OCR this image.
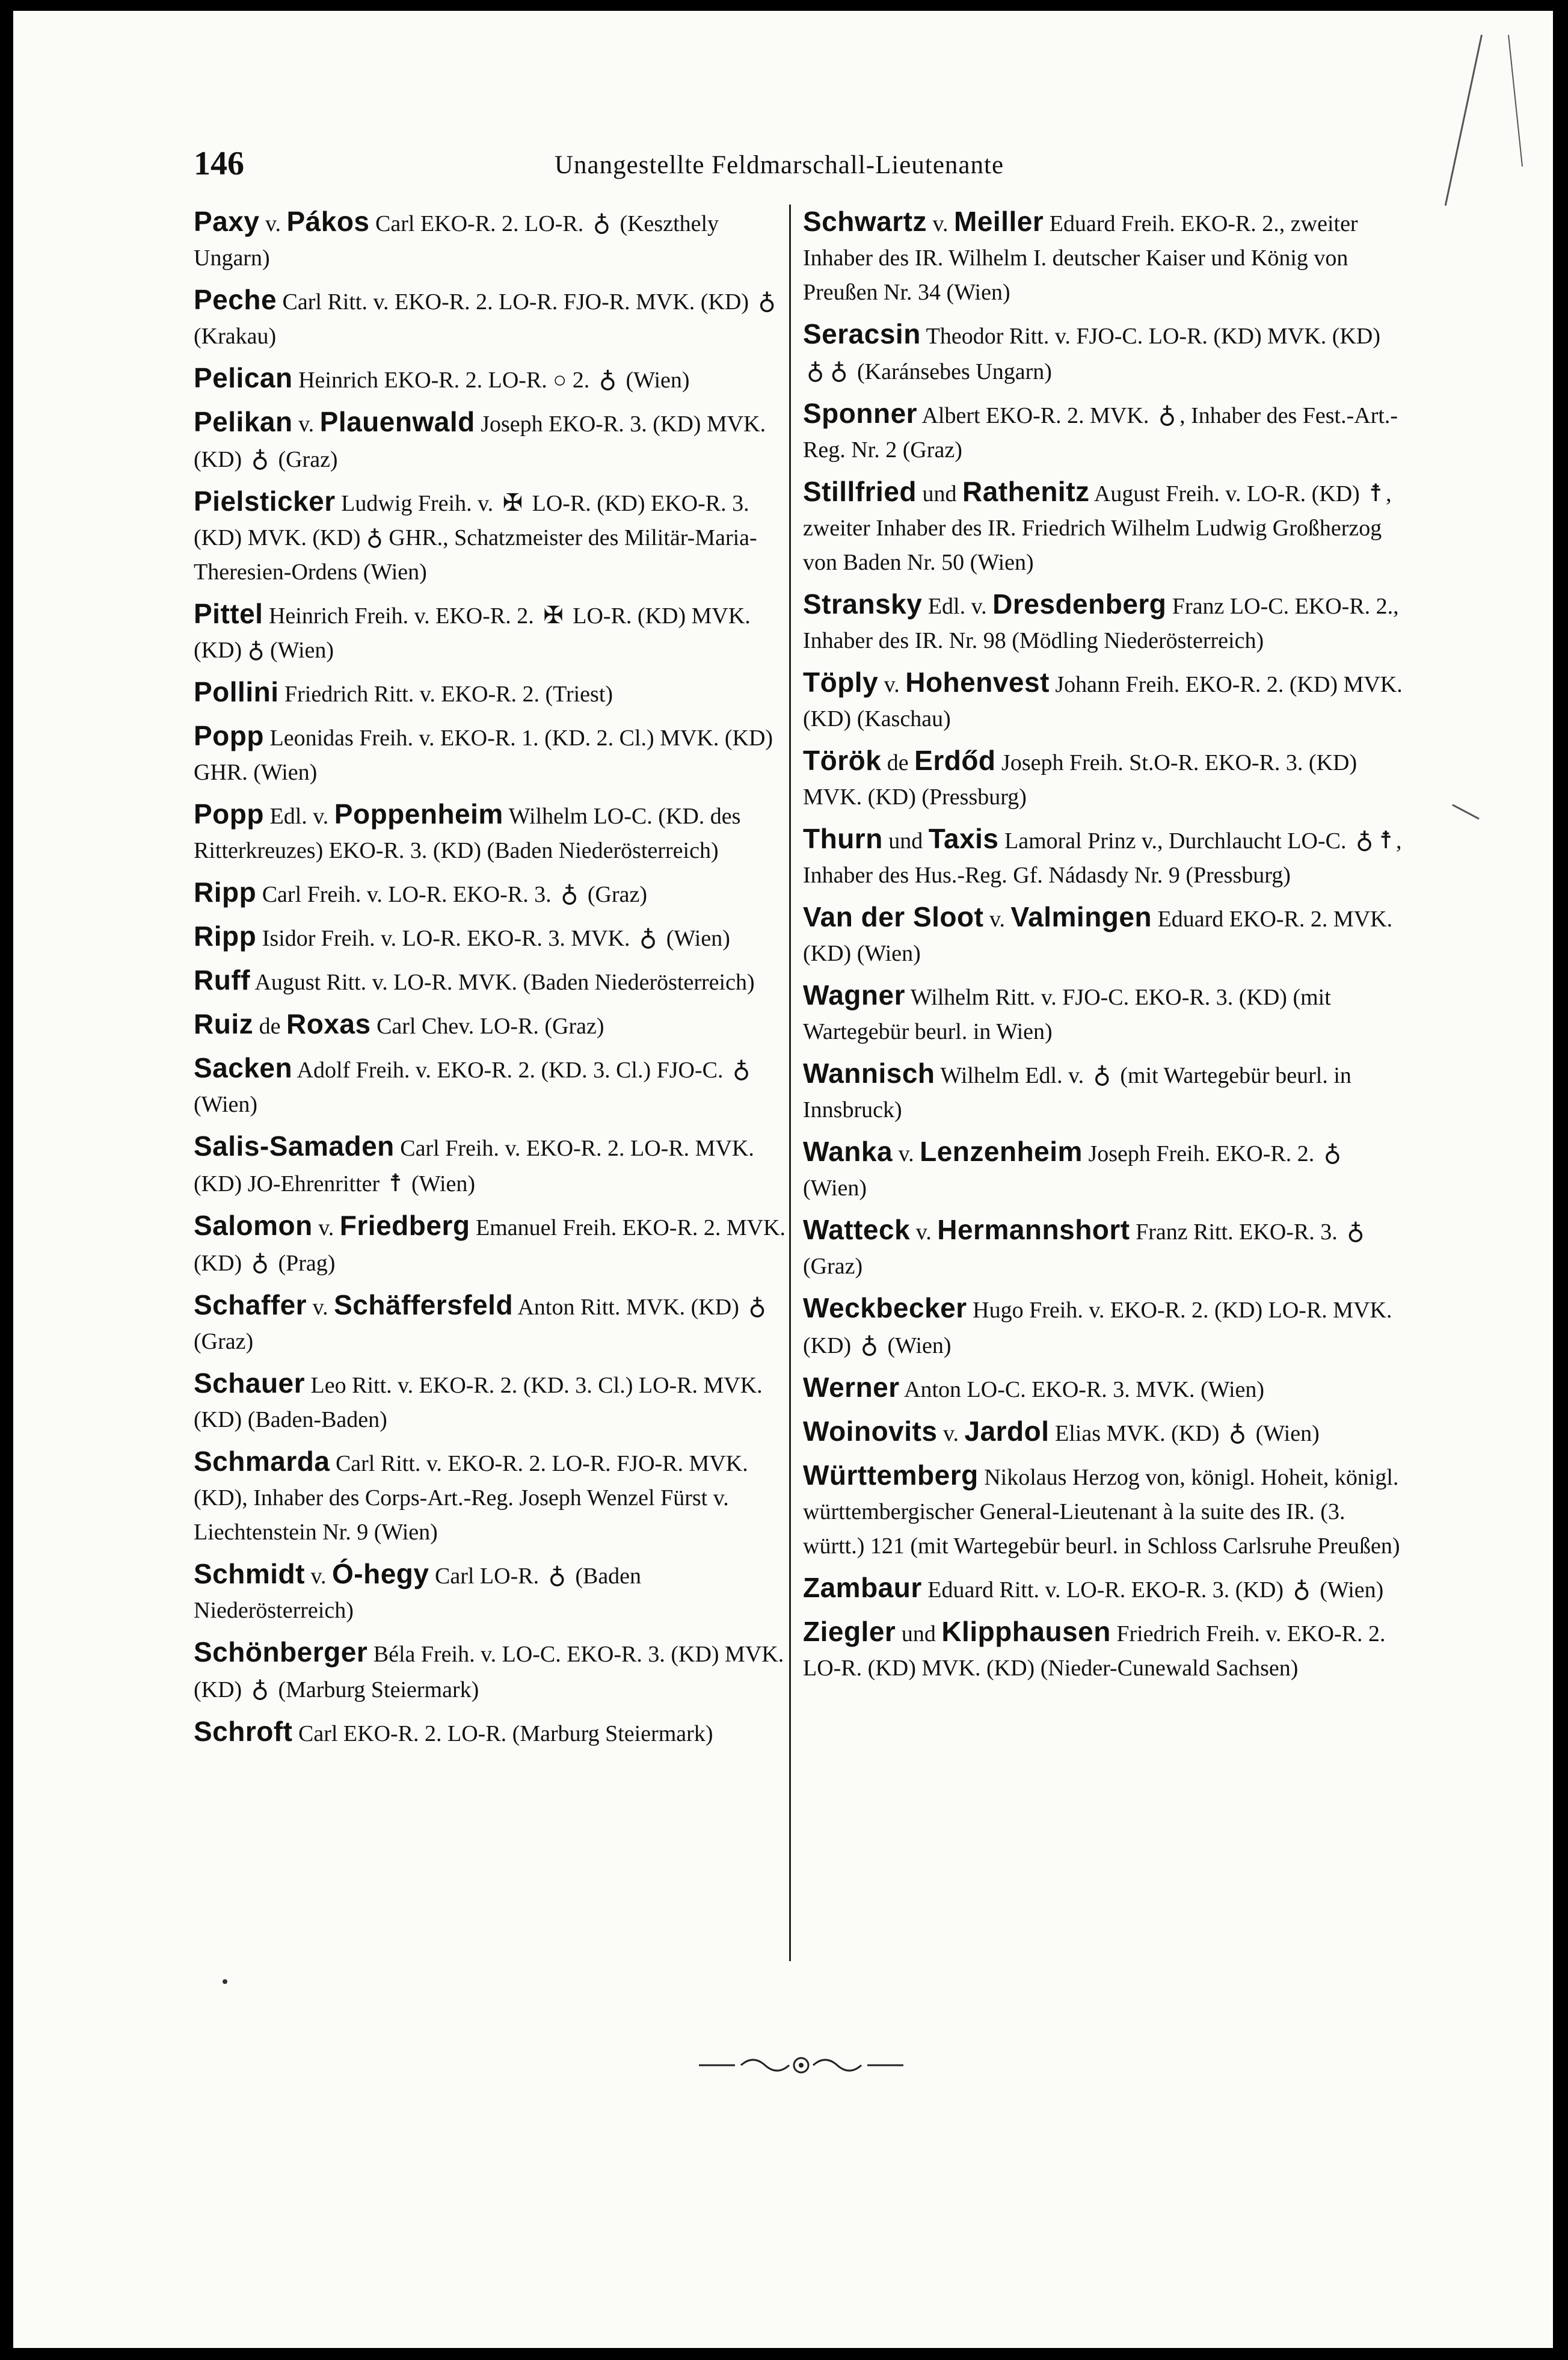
146	Unangestellte Feldmarschall-Lieutenante

Paxy v. Pákos Carl EKO-R. 2. LO-R. ♁ (Keszthely Ungarn)

Peche Carl Ritt. v. EKO-R. 2. LO-R. FJO-R. MVK. (KD) ♁ (Krakau)

Pelican Heinrich EKO-R. 2. LO-R. ○ 2. ♁ (Wien)

Pelikan v. Plauenwald Joseph EKO-R. 3. (KD) MVK. (KD) ♁ (Graz)

Pielsticker Ludwig Freih. v. ✠ LO-R. (KD) EKO-R. 3. (KD) MVK. (KD) ♁ GHR., Schatzmeister des Militär-Maria-Theresien-Ordens (Wien)

Pittel Heinrich Freih. v. EKO-R. 2. ✠ LO-R. (KD) MVK. (KD) ♁ (Wien)

Pollini Friedrich Ritt. v. EKO-R. 2. (Triest)

Popp Leonidas Freih. v. EKO-R. 1. (KD. 2. Cl.) MVK. (KD) GHR. (Wien)

Popp Edl. v. Poppenheim Wilhelm LO-C. (KD. des Ritterkreuzes) EKO-R. 3. (KD) (Baden Niederösterreich)

Ripp Carl Freih. v. LO-R. EKO-R. 3. ♁ (Graz)

Ripp Isidor Freih. v. LO-R. EKO-R. 3. MVK. ♁ (Wien)

Ruff August Ritt. v. LO-R. MVK. (Baden Niederösterreich)

Ruiz de Roxas Carl Chev. LO-R. (Graz)

Sacken Adolf Freih. v. EKO-R. 2. (KD. 3. Cl.) FJO-C. ♁ (Wien)

Salis-Samaden Carl Freih. v. EKO-R. 2. LO-R. MVK. (KD) JO-Ehrenritter ☨ (Wien)

Salomon v. Friedberg Emanuel Freih. EKO-R. 2. MVK. (KD) ♁ (Prag)

Schaffer v. Schäffersfeld Anton Ritt. MVK. (KD) ♁ (Graz)

Schauer Leo Ritt. v. EKO-R. 2. (KD. 3. Cl.) LO-R. MVK. (KD) (Baden-Baden)

Schmarda Carl Ritt. v. EKO-R. 2. LO-R. FJO-R. MVK. (KD), Inhaber des Corps-Art.-Reg. Joseph Wenzel Fürst v. Liechtenstein Nr. 9 (Wien)

Schmidt v. Ó-hegy Carl LO-R. ♁ (Baden Niederösterreich)

Schönberger Béla Freih. v. LO-C. EKO-R. 3. (KD) MVK. (KD) ♁ (Marburg Steiermark)

Schroft Carl EKO-R. 2. LO-R. (Marburg Steiermark)

Schwartz v. Meiller Eduard Freih. EKO-R. 2., zweiter Inhaber des IR. Wilhelm I. deutscher Kaiser und König von Preußen Nr. 34 (Wien)

Seracsin Theodor Ritt. v. FJO-C. LO-R. (KD) MVK. (KD) ♁ ♁ (Karánsebes Ungarn)

Sponner Albert EKO-R. 2. MVK. ♁ , Inhaber des Fest.-Art.-Reg. Nr. 2 (Graz)

Stillfried und Rathenitz August Freih. v. LO-R. (KD) ☨ , zweiter Inhaber des IR. Friedrich Wilhelm Ludwig Großherzog von Baden Nr. 50 (Wien)

Stransky Edl. v. Dresdenberg Franz LO-C. EKO-R. 2., Inhaber des IR. Nr. 98 (Mödling Niederösterreich)

Töply v. Hohenvest Johann Freih. EKO-R. 2. (KD) MVK. (KD) (Kaschau)

Török de Erdőd Joseph Freih. St.O-R. EKO-R. 3. (KD) MVK. (KD) (Pressburg)

Thurn und Taxis Lamoral Prinz v., Durchlaucht LO-C. ♁ ☨ , Inhaber des Hus.-Reg. Gf. Nádasdy Nr. 9 (Pressburg)

Van der Sloot v. Valmingen Eduard EKO-R. 2. MVK. (KD) (Wien)

Wagner Wilhelm Ritt. v. FJO-C. EKO-R. 3. (KD) (mit Wartegebür beurl. in Wien)

Wannisch Wilhelm Edl. v. ♁ (mit Wartegebür beurl. in Innsbruck)

Wanka v. Lenzenheim Joseph Freih. EKO-R. 2. ♁ (Wien)

Watteck v. Hermannshort Franz Ritt. EKO-R. 3. ♁ (Graz)

Weckbecker Hugo Freih. v. EKO-R. 2. (KD) LO-R. MVK. (KD) ♁ (Wien)

Werner Anton LO-C. EKO-R. 3. MVK. (Wien)

Woinovits v. Jardol Elias MVK. (KD) ♁ (Wien)

Württemberg Nikolaus Herzog von, königl. Hoheit, königl. württembergischer General-Lieutenant à la suite des IR. (3. württ.) 121 (mit Wartegebür beurl. in Schloss Carlsruhe Preußen)

Zambaur Eduard Ritt. v. LO-R. EKO-R. 3. (KD) ♁ (Wien)

Ziegler und Klipphausen Friedrich Freih. v. EKO-R. 2. LO-R. (KD) MVK. (KD) (Nieder-Cunewald Sachsen)
